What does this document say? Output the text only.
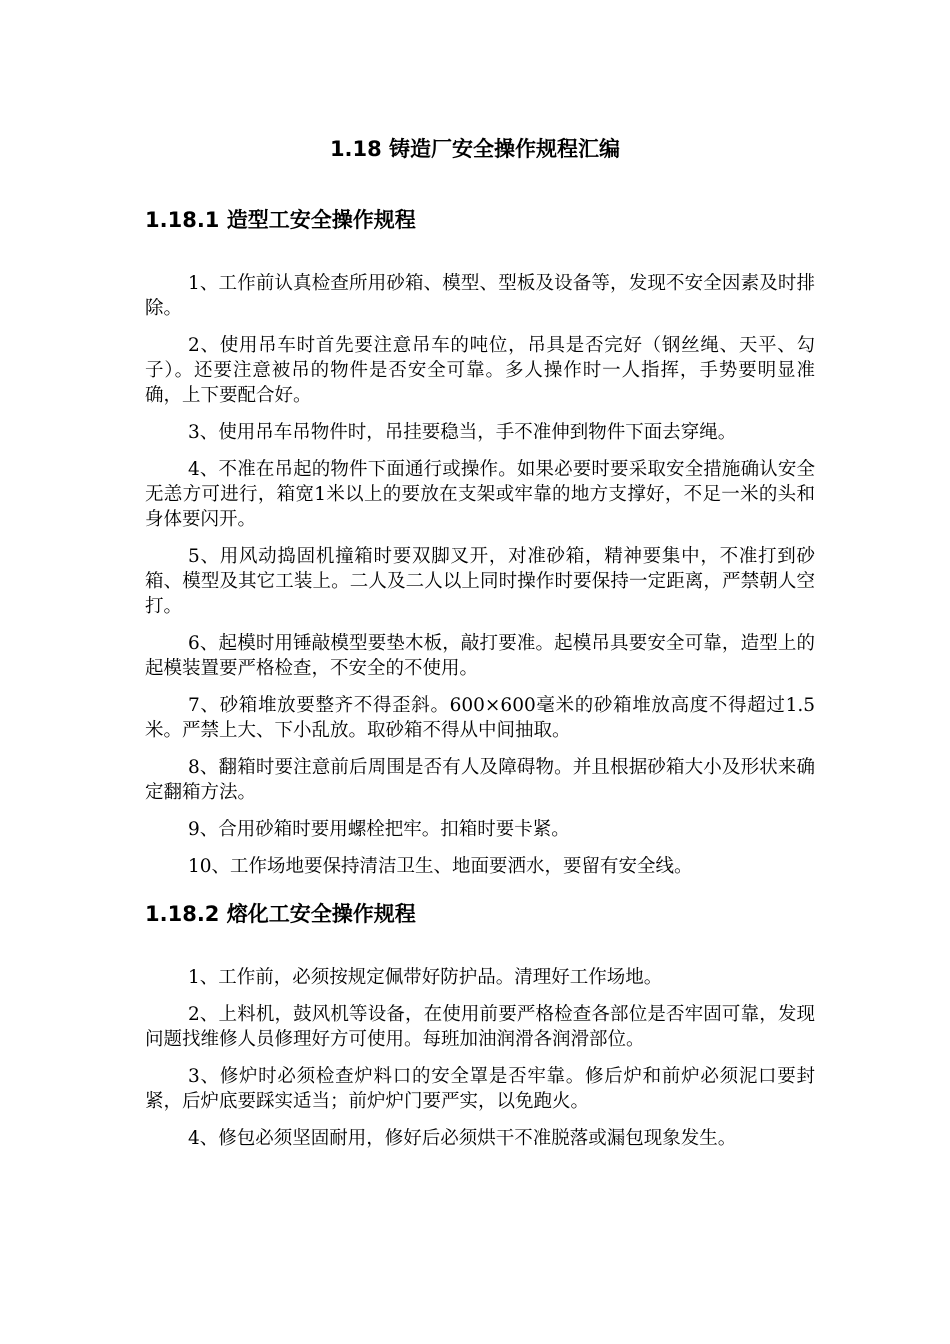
1.18 铸造厂安全操作规程汇编
1.18.1 造型工安全操作规程

1、工作前认真检查所用砂箱、模型、型板及设备等，发现不安全因素及时排除。

2、使用吊车时首先要注意吊车的吨位，吊具是否完好（钢丝绳、天平、勾子）。还要注意被吊的物件是否安全可靠。多人操作时一人指挥，手势要明显准确，上下要配合好。

3、使用吊车吊物件时，吊挂要稳当，手不准伸到物件下面去穿绳。

4、不准在吊起的物件下面通行或操作。如果必要时要采取安全措施确认安全无恙方可进行，箱宽1米以上的要放在支架或牢靠的地方支撑好，不足一米的头和身体要闪开。

5、用风动捣固机撞箱时要双脚叉开，对准砂箱，精神要集中，不准打到砂箱、模型及其它工装上。二人及二人以上同时操作时要保持一定距离，严禁朝人空打。

6、起模时用锤敲模型要垫木板，敲打要准。起模吊具要安全可靠，造型上的起模装置要严格检查，不安全的不使用。

7、砂箱堆放要整齐不得歪斜。600×600毫米的砂箱堆放高度不得超过1.5米。严禁上大、下小乱放。取砂箱不得从中间抽取。

8、翻箱时要注意前后周围是否有人及障碍物。并且根据砂箱大小及形状来确定翻箱方法。

9、合用砂箱时要用螺栓把牢。扣箱时要卡紧。

10、工作场地要保持清洁卫生、地面要洒水，要留有安全线。

1.18.2 熔化工安全操作规程

1、工作前，必须按规定佩带好防护品。清理好工作场地。

2、上料机，鼓风机等设备，在使用前要严格检查各部位是否牢固可靠，发现问题找维修人员修理好方可使用。每班加油润滑各润滑部位。

3、修炉时必须检查炉料口的安全罩是否牢靠。修后炉和前炉必须泥口要封紧，后炉底要踩实适当；前炉炉门要严实，以免跑火。

4、修包必须坚固耐用，修好后必须烘干不准脱落或漏包现象发生。
